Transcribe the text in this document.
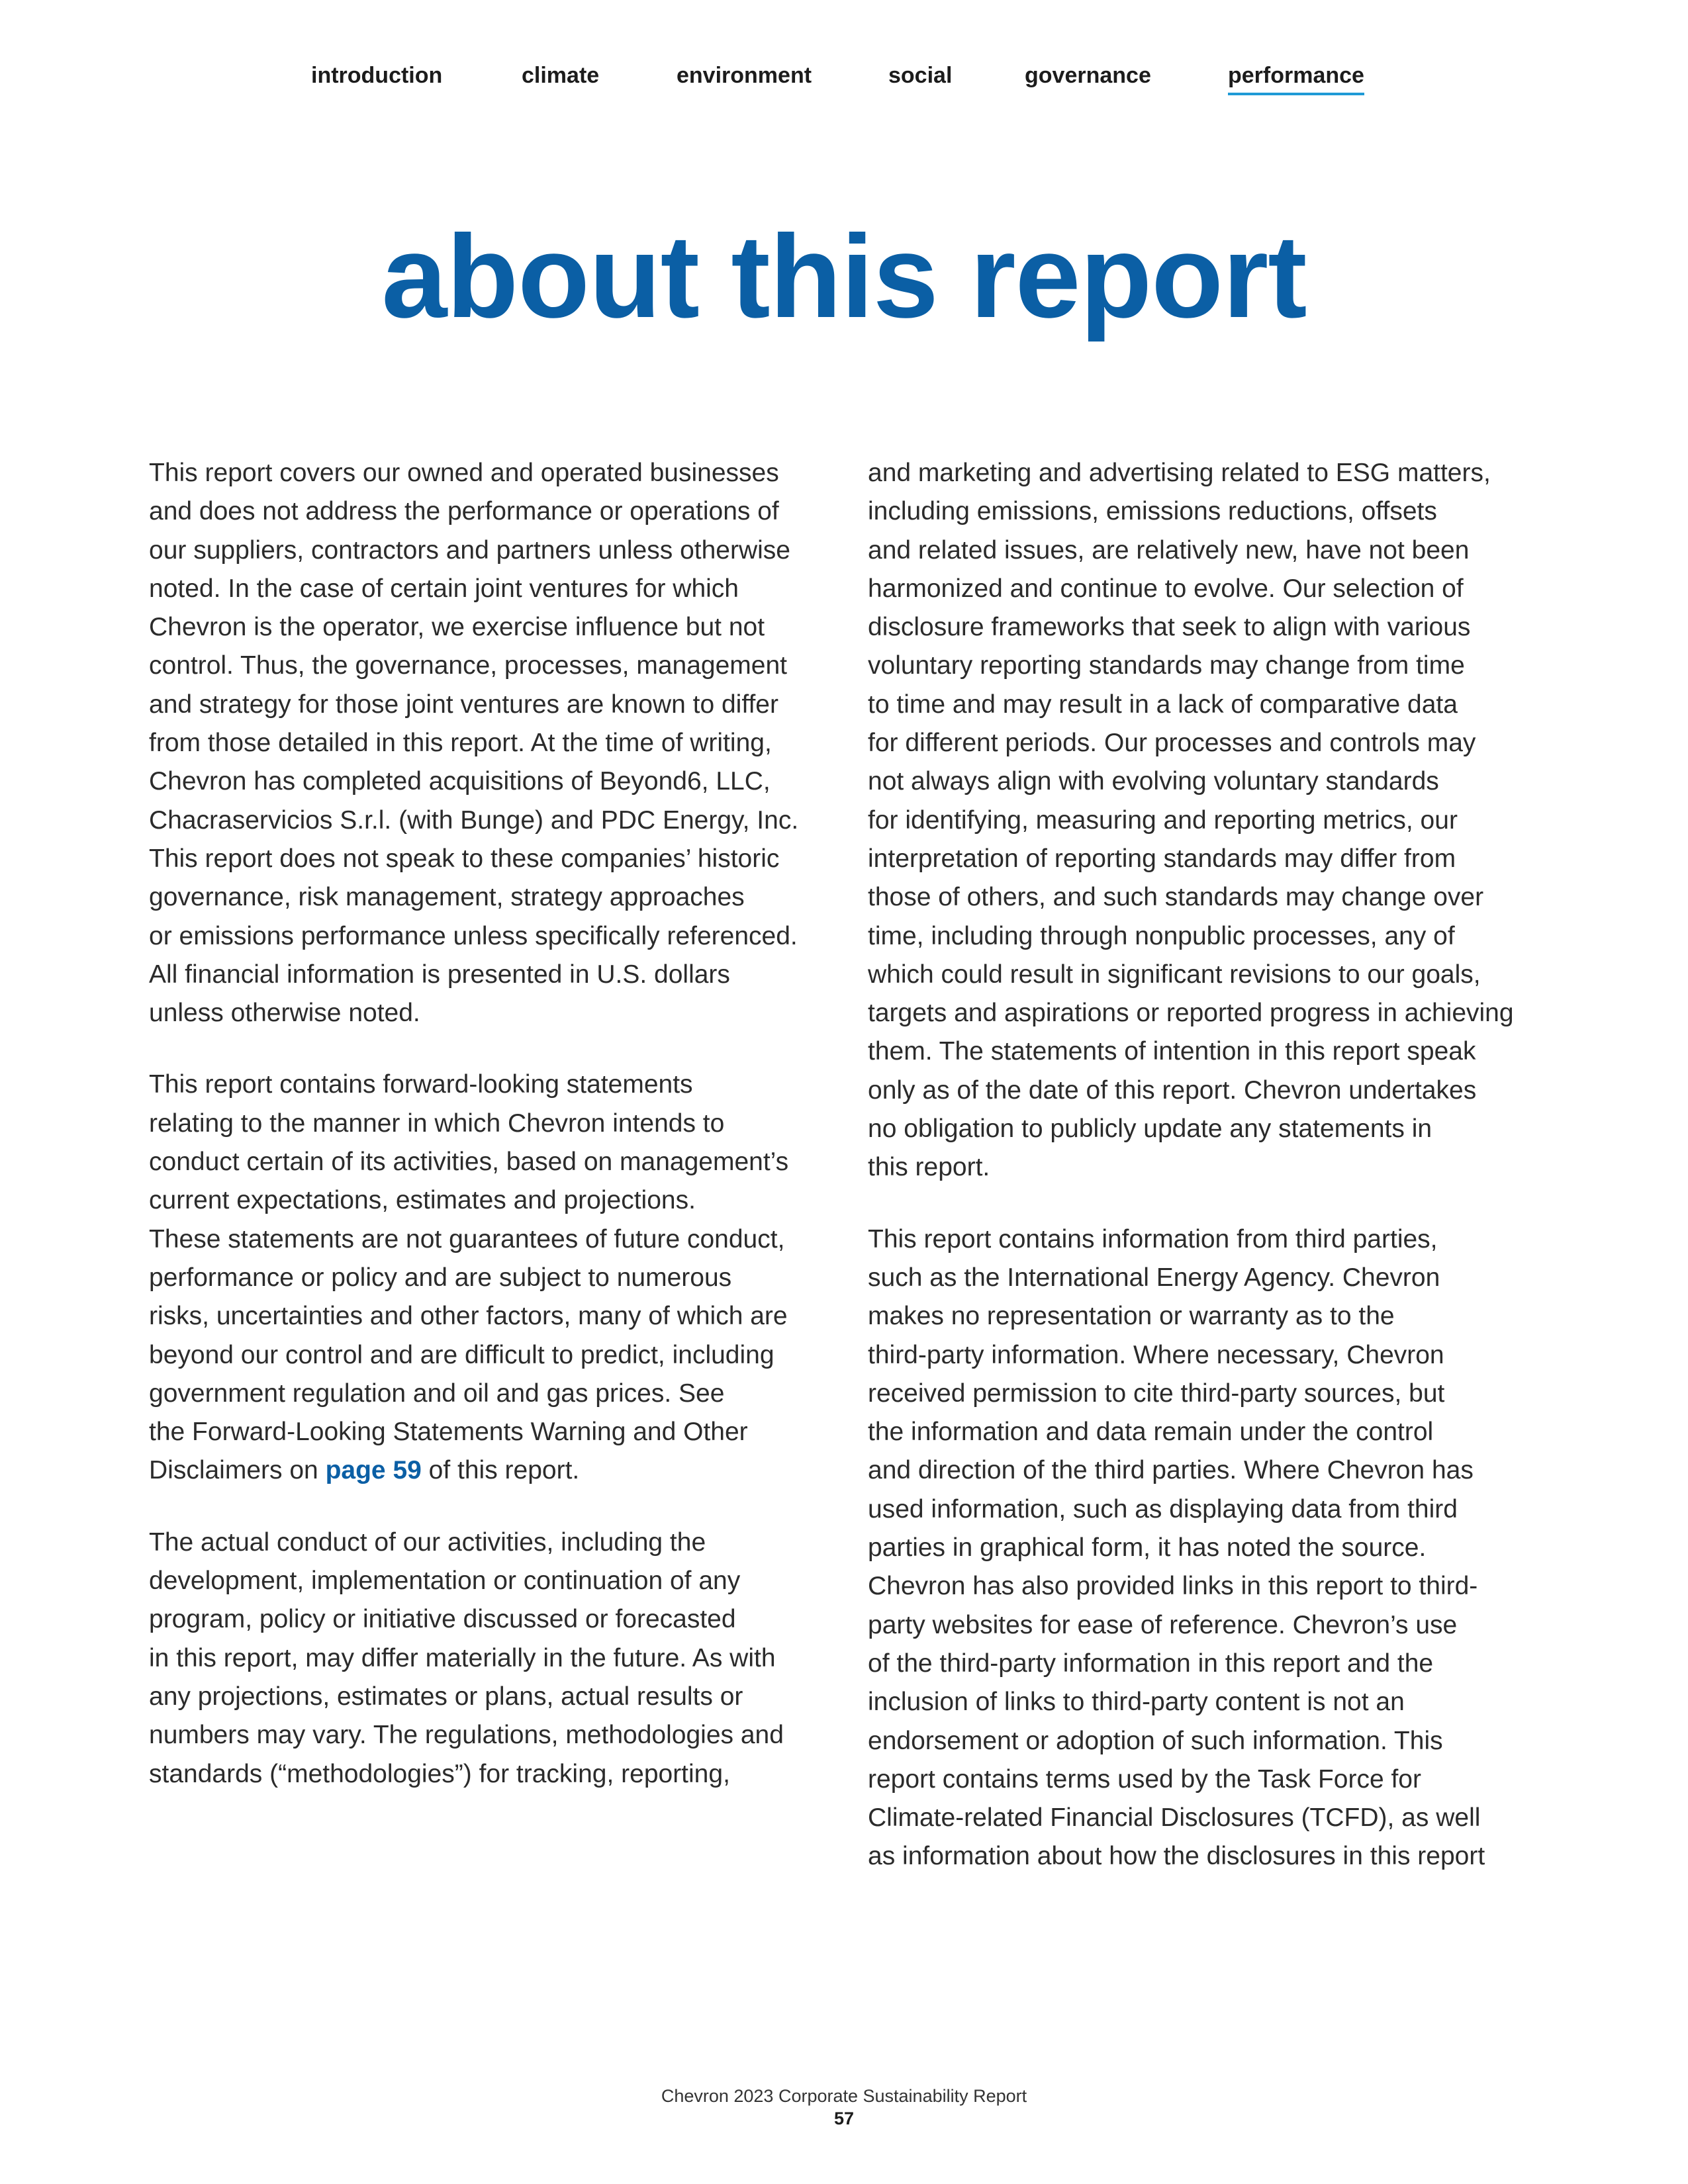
introduction	climate	environment	social	governance	performance
about this report

This report covers our owned and operated businesses
and does not address the performance or operations of
our suppliers, contractors and partners unless otherwise
noted. In the case of certain joint ventures for which
Chevron is the operator, we exercise influence but not
control. Thus, the governance, processes, management
and strategy for those joint ventures are known to differ
from those detailed in this report. At the time of writing,
Chevron has completed acquisitions of Beyond6, LLC,
Chacraservicios S.r.l. (with Bunge) and PDC Energy, Inc.
This report does not speak to these companies’ historic
governance, risk management, strategy approaches
or emissions performance unless specifically referenced.
All financial information is presented in U.S. dollars
unless otherwise noted.

This report contains forward-looking statements
relating to the manner in which Chevron intends to
conduct certain of its activities, based on management’s
current expectations, estimates and projections.
These statements are not guarantees of future conduct,
performance or policy and are subject to numerous
risks, uncertainties and other factors, many of which are
beyond our control and are difficult to predict, including
government regulation and oil and gas prices. See
the Forward-Looking Statements Warning and Other
Disclaimers on page 59 of this report.

The actual conduct of our activities, including the
development, implementation or continuation of any
program, policy or initiative discussed or forecasted
in this report, may differ materially in the future. As with
any projections, estimates or plans, actual results or
numbers may vary. The regulations, methodologies and
standards (“methodologies”) for tracking, reporting,

and marketing and advertising related to ESG matters,
including emissions, emissions reductions, offsets
and related issues, are relatively new, have not been
harmonized and continue to evolve. Our selection of
disclosure frameworks that seek to align with various
voluntary reporting standards may change from time
to time and may result in a lack of comparative data
for different periods. Our processes and controls may
not always align with evolving voluntary standards
for identifying, measuring and reporting metrics, our
interpretation of reporting standards may differ from
those of others, and such standards may change over
time, including through nonpublic processes, any of
which could result in significant revisions to our goals,
targets and aspirations or reported progress in achieving
them. The statements of intention in this report speak
only as of the date of this report. Chevron undertakes
no obligation to publicly update any statements in
this report.

This report contains information from third parties,
such as the International Energy Agency. Chevron
makes no representation or warranty as to the
third-party information. Where necessary, Chevron
received permission to cite third-party sources, but
the information and data remain under the control
and direction of the third parties. Where Chevron has
used information, such as displaying data from third
parties in graphical form, it has noted the source.
Chevron has also provided links in this report to third-
party websites for ease of reference. Chevron’s use
of the third-party information in this report and the
inclusion of links to third-party content is not an
endorsement or adoption of such information. This
report contains terms used by the Task Force for
Climate-related Financial Disclosures (TCFD), as well
as information about how the disclosures in this report

Chevron 2023 Corporate Sustainability Report
57
